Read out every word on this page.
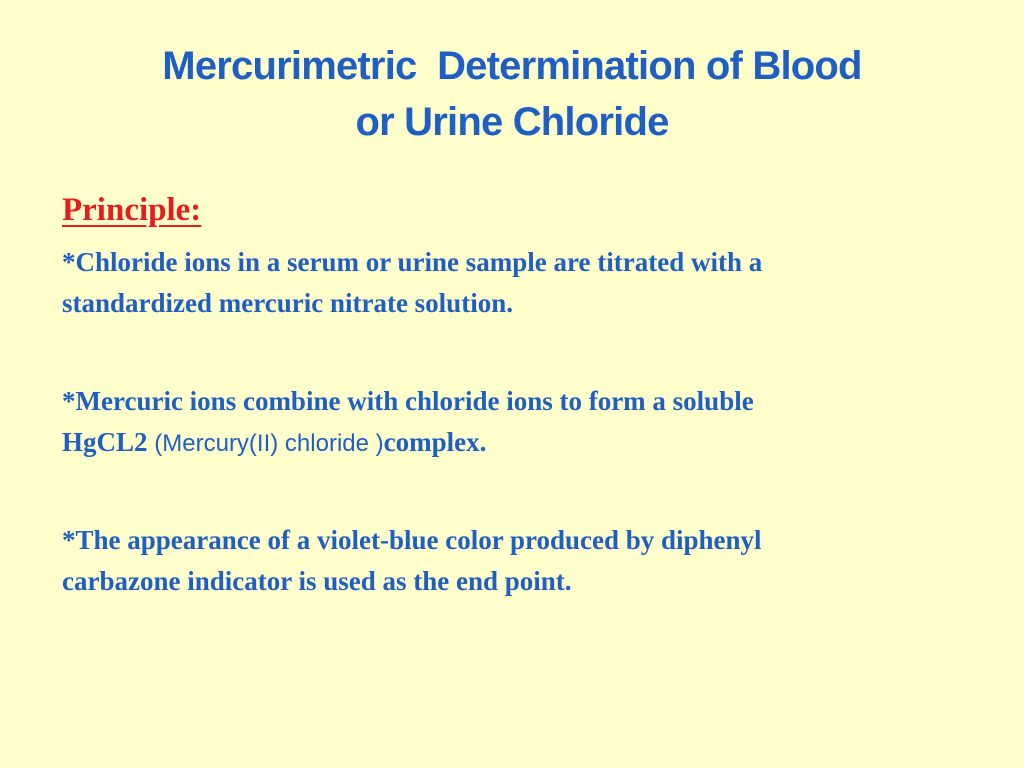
Mercurimetric  Determination of Blood
or Urine Chloride
Principle:

*Chloride ions in a serum or urine sample are titrated with a
standardized mercuric nitrate solution.

*Mercuric ions combine with chloride ions to form a soluble
HgCL2 (Mercury(II) chloride )complex.

*The appearance of a violet-blue color produced by diphenyl
carbazone indicator is used as the end point.
